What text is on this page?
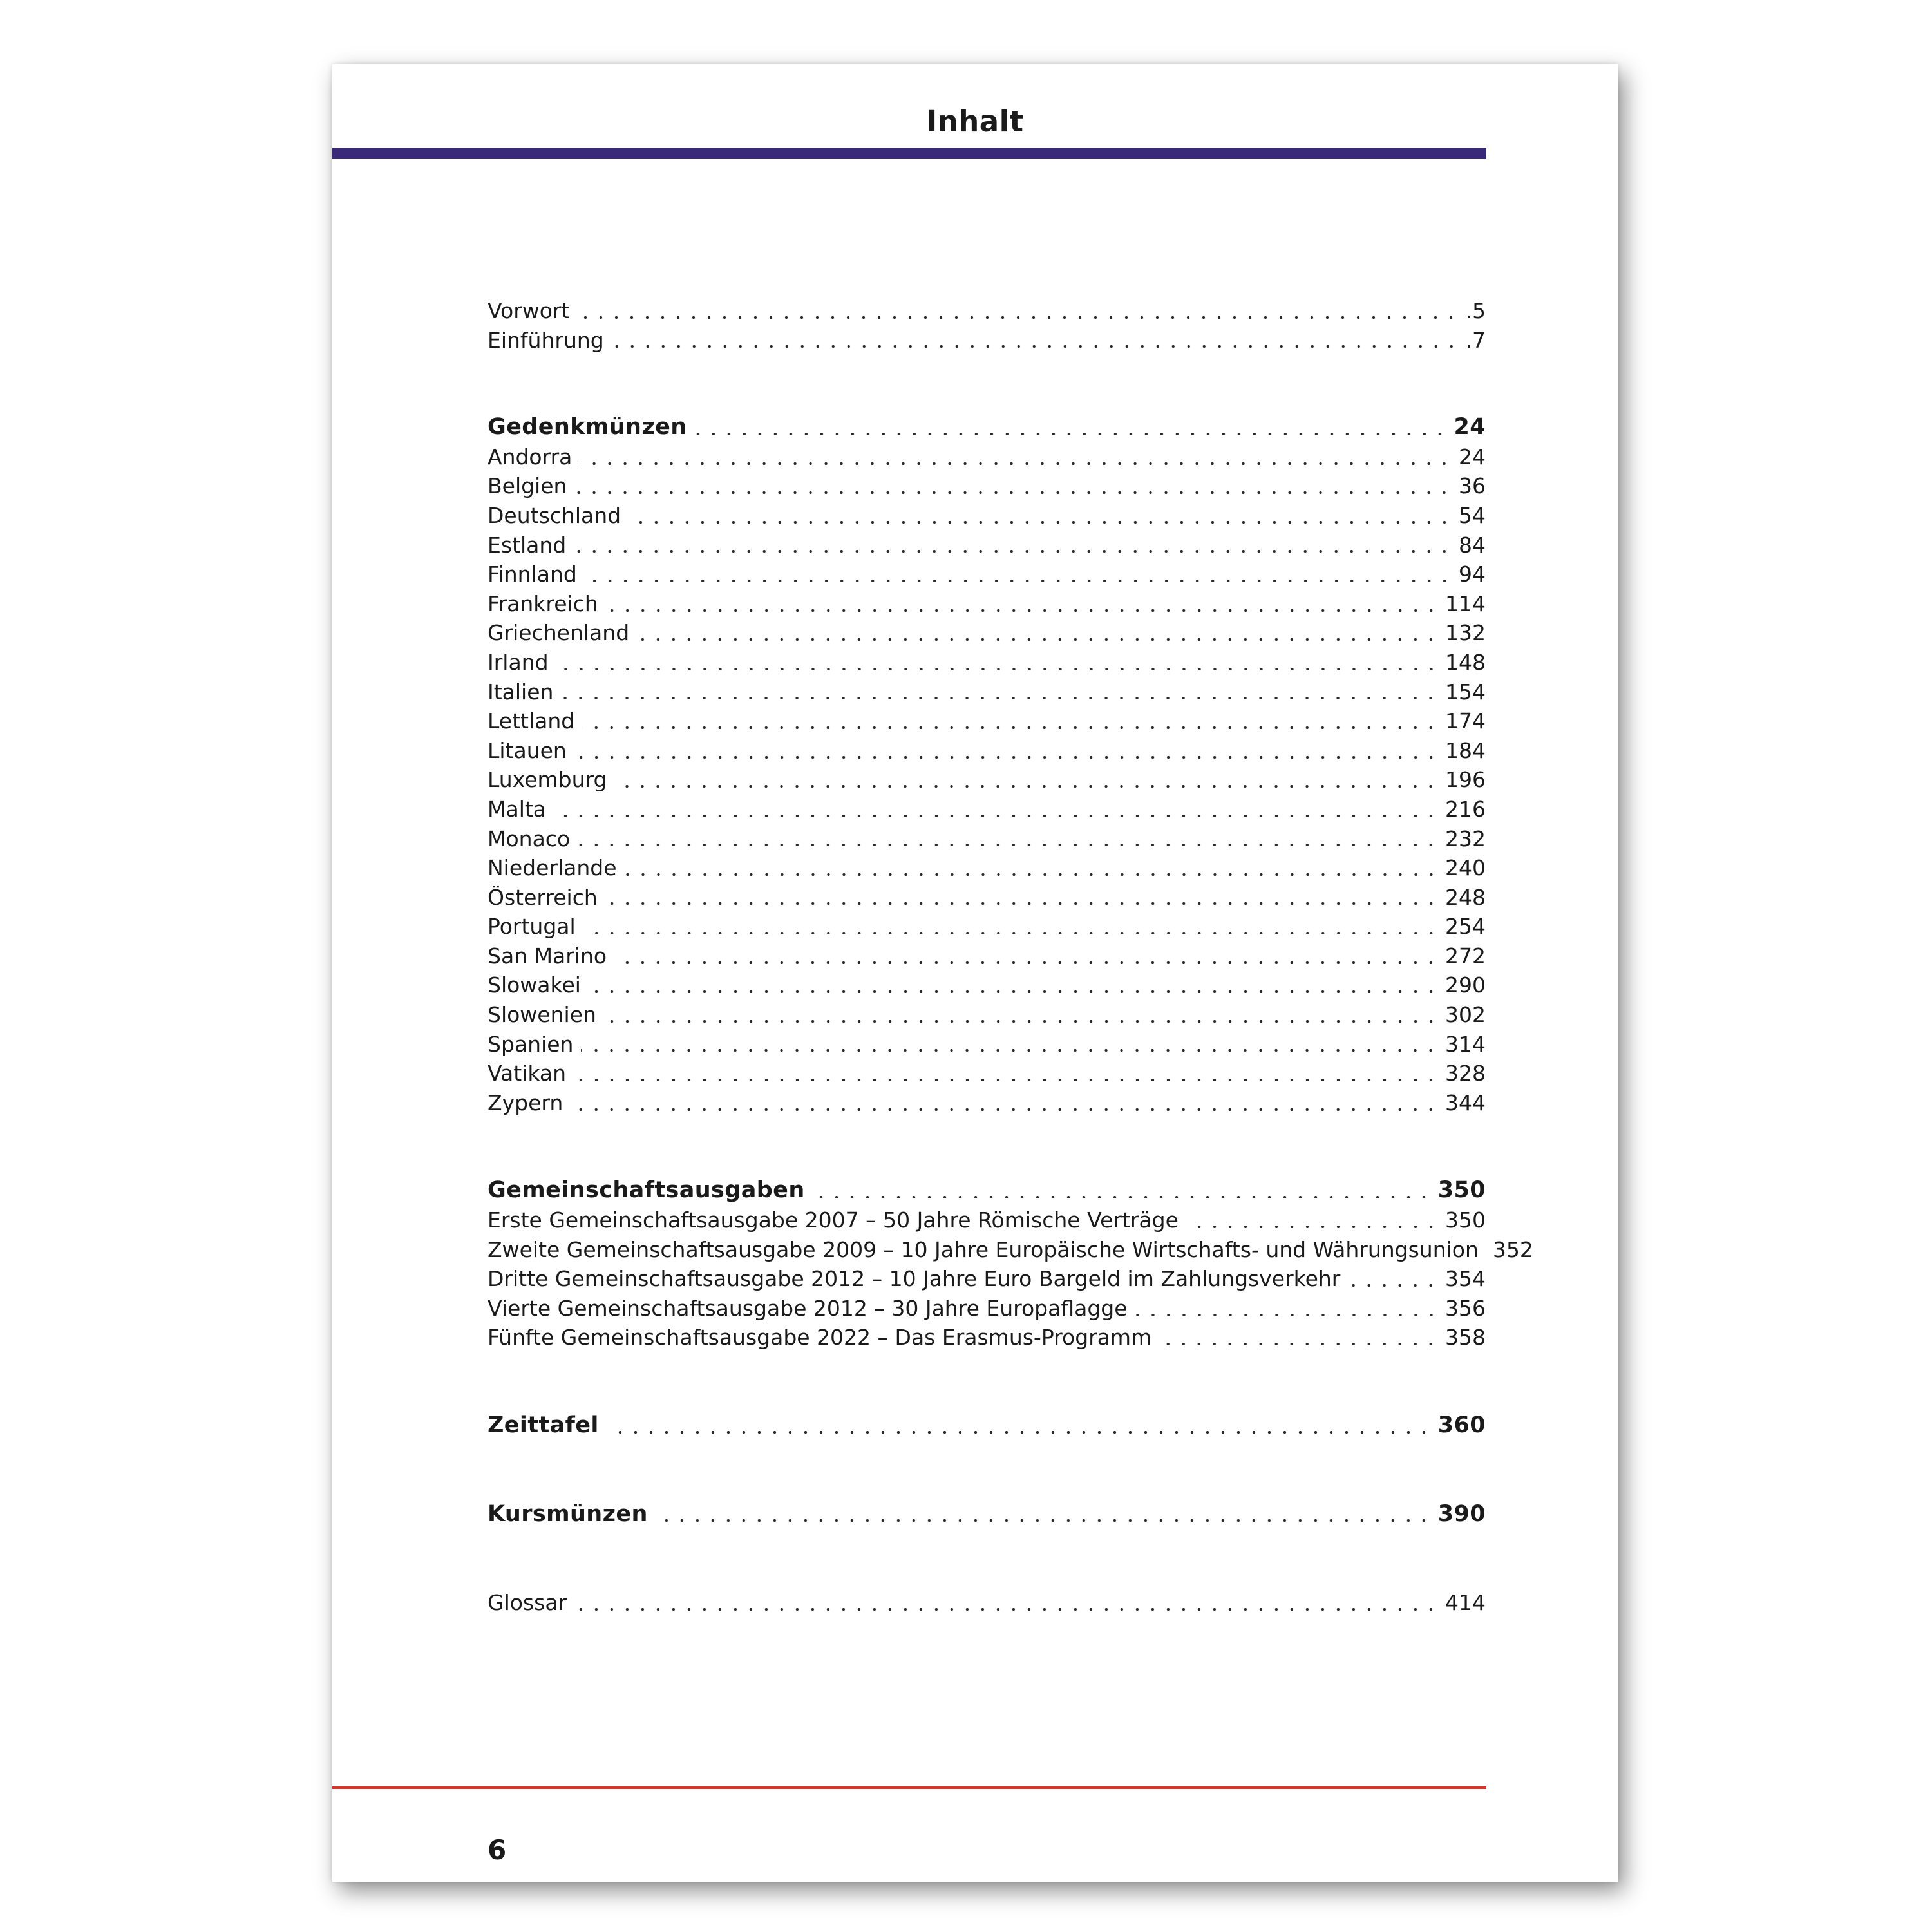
Inhalt
Vorwort	.5
Einführung	.7
Gedenkmünzen	24
Andorra	24
Belgien	36
Deutschland	54
Estland	84
Finnland	94
Frankreich	114
Griechenland	132
Irland	148
Italien	154
Lettland	174
Litauen	184
Luxemburg	196
Malta	216
Monaco	232
Niederlande	240
Österreich	248
Portugal	254
San Marino	272
Slowakei	290
Slowenien	302
Spanien	314
Vatikan	328
Zypern	344
Gemeinschaftsausgaben	350
Erste Gemeinschaftsausgabe 2007 – 50 Jahre Römische Verträge	350
Zweite Gemeinschaftsausgabe 2009 – 10 Jahre Europäische Wirtschafts- und Währungsunion 352
Dritte Gemeinschaftsausgabe 2012 – 10 Jahre Euro Bargeld im Zahlungsverkehr	354
Vierte Gemeinschaftsausgabe 2012 – 30 Jahre Europaflagge	356
Fünfte Gemeinschaftsausgabe 2022 – Das Erasmus-Programm	358
Zeittafel	360
Kursmünzen	390
Glossar	414
6
